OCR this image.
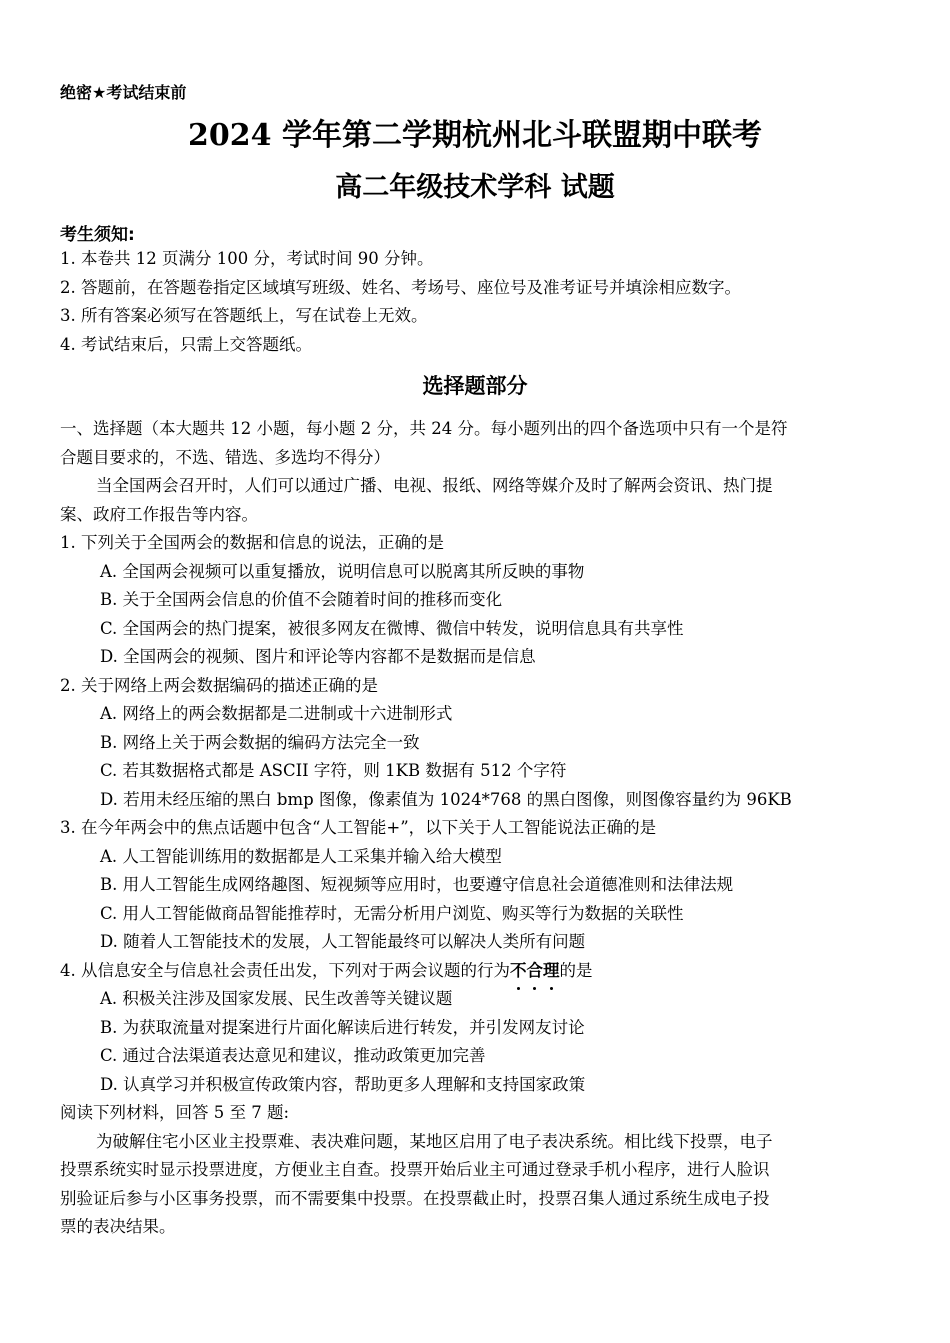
绝密★考试结束前
2024 学年第二学期杭州北斗联盟期中联考
高二年级技术学科 试题
考生须知:
1. 本卷共 12 页满分 100 分，考试时间 90 分钟。
2. 答题前，在答题卷指定区域填写班级、姓名、考场号、座位号及准考证号并填涂相应数字。
3. 所有答案必须写在答题纸上，写在试卷上无效。
4. 考试结束后，只需上交答题纸。
选择题部分
一、选择题（本大题共 12 小题，每小题 2 分，共 24 分。每小题列出的四个备选项中只有一个是符
合题目要求的，不选、错选、多选均不得分）
当全国两会召开时，人们可以通过广播、电视、报纸、网络等媒介及时了解两会资讯、热门提
案、政府工作报告等内容。
1. 下列关于全国两会的数据和信息的说法，正确的是
A. 全国两会视频可以重复播放，说明信息可以脱离其所反映的事物
B. 关于全国两会信息的价值不会随着时间的推移而变化
C. 全国两会的热门提案，被很多网友在微博、微信中转发，说明信息具有共享性
D. 全国两会的视频、图片和评论等内容都不是数据而是信息
2. 关于网络上两会数据编码的描述正确的是
A. 网络上的两会数据都是二进制或十六进制形式
B. 网络上关于两会数据的编码方法完全一致
C. 若其数据格式都是 ASCII 字符，则 1KB 数据有 512 个字符
D. 若用未经压缩的黑白 bmp 图像，像素值为 1024*768 的黑白图像，则图像容量约为 96KB
3. 在今年两会中的焦点话题中包含“人工智能+”，以下关于人工智能说法正确的是
A. 人工智能训练用的数据都是人工采集并输入给大模型
B. 用人工智能生成网络趣图、短视频等应用时，也要遵守信息社会道德准则和法律法规
C. 用人工智能做商品智能推荐时，无需分析用户浏览、购买等行为数据的关联性
D. 随着人工智能技术的发展，人工智能最终可以解决人类所有问题
4. 从信息安全与信息社会责任出发，下列对于两会议题的行为不合理的是
A. 积极关注涉及国家发展、民生改善等关键议题
B. 为获取流量对提案进行片面化解读后进行转发，并引发网友讨论
C. 通过合法渠道表达意见和建议，推动政策更加完善
D. 认真学习并积极宣传政策内容，帮助更多人理解和支持国家政策
阅读下列材料，回答 5 至 7 题:
为破解住宅小区业主投票难、表决难问题，某地区启用了电子表决系统。相比线下投票，电子
投票系统实时显示投票进度，方便业主自查。投票开始后业主可通过登录手机小程序，进行人脸识
别验证后参与小区事务投票，而不需要集中投票。在投票截止时，投票召集人通过系统生成电子投
票的表决结果。
